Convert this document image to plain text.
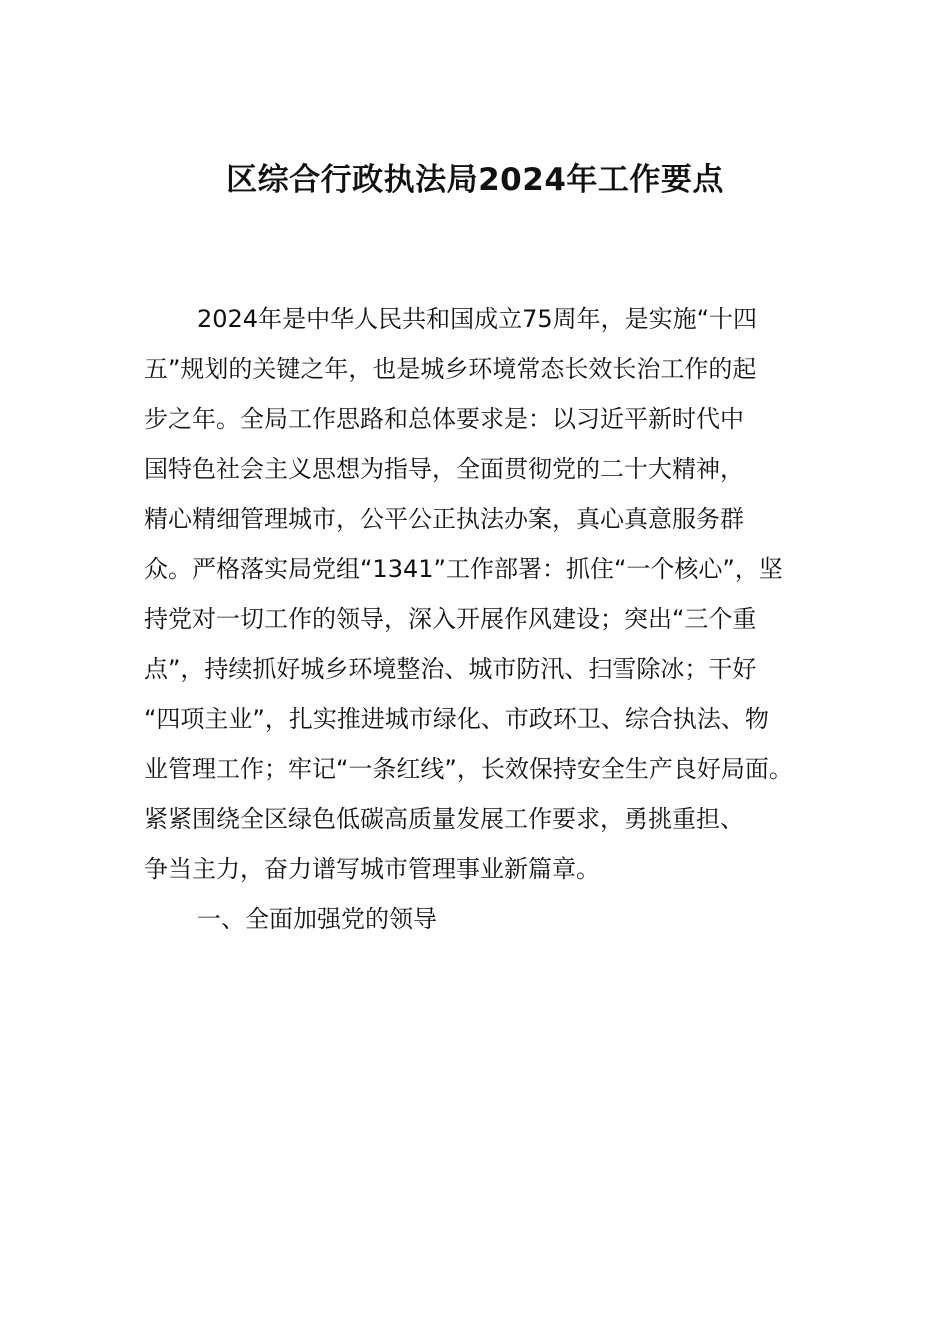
区综合行政执法局2024年工作要点
2024年是中华人民共和国成立75周年，是实施“十四
五”规划的关键之年，也是城乡环境常态长效长治工作的起
步之年。全局工作思路和总体要求是：以习近平新时代中
国特色社会主义思想为指导，全面贯彻党的二十大精神，
精心精细管理城市，公平公正执法办案，真心真意服务群
众。严格落实局党组“1341”工作部署：抓住“一个核心”，坚
持党对一切工作的领导，深入开展作风建设；突出“三个重
点”，持续抓好城乡环境整治、城市防汛、扫雪除冰；干好
“四项主业”，扎实推进城市绿化、市政环卫、综合执法、物
业管理工作；牢记“一条红线”，长效保持安全生产良好局面。
紧紧围绕全区绿色低碳高质量发展工作要求，勇挑重担、
争当主力，奋力谱写城市管理事业新篇章。
一、全面加强党的领导
